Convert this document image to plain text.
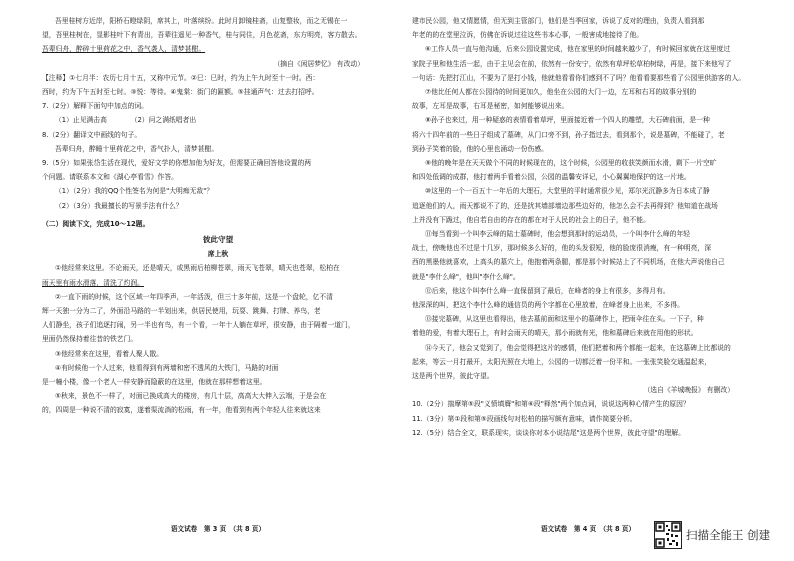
吾里桂树方近岸，阳桥石瞪绿阴，席其上，叶落缤纷。此时月卸镜桂斋，山复整妆，而之无锡在一

望，吾里桂树在，显影桂叶下有青出，吾辈往遥见一种香气，桂与同住，月色花斋，东方明亮，客方散去。

吾辈归舟，醉碎十里荷花之中，香气袭人，清梦甚酣。

（摘自《闲居梦忆》 有改动）

【注释】①七月半：农历七月十五，又称中元节。②巳：巳时，约为上午九时至十一时。西：

西时，约为下午五时至七时。③悦：等待。④鬼棠：街门的匾额。⑤挂通声气：过去打招呼。

7.（2分）解释下面句中加点的词。

（1）止见满击高　　　　（2）问之满纸唱者出

8.（2分）翻译文中画线的句子。

吾辈归舟，醉睡十里荷花之中，香气扑人，清梦甚酣。

9.（5分）如果张岱生活在现代，爱好文学的你想加他为好友，但需要正确回答他设置的两

个问题。请联系本文和《湖心亭看雪》作答。

（1）（2分）我的QQ个性签名为何是"大明痴无敌"？

（2）（3分）我最擅长的写景手法有什么？

（二）阅读下文，完成10～12题。

彼此守望

席上秋

①他经常来这里。不论雨天，还是晴天，或黑雨后柏柳苍翠，雨天飞苍翠，晴天也苍翠，松柏在

雨天里有雨水滑落，清洗了灼润。

②一直下雨的时候，这个区域一年四季声，一年活泼，但三十多年前，这是一个盘轮，亿不清

辉一天独一分为二了，外面沿马路的一半划出来，供居民使用，玩耍、跳舞、打牌、养鸟，老

人们静坐，孩子们追逐打闹，另一半也有鸟，有一个看，一年十人躺在草坪，很安静，由于隔着一道门，

里面仍然保持着往昔的铁艺门。

③他经常来在这里，看着人聚人散。

④有时候他一个人过来，他看得到有两墙和密不透风的大铁门，马路的对面

是一幢小楼，像一个老人一样安静而隐蔽的在这里，他就在那样想着这里。

⑤秋来，景色不一样了，对面已换成高大的楼房，有几十层，高高大大伸入云端，于是会在

的，四周是一种说不清的寂寞，遂着渠流淌的松雨，有一年，他看到有两个年轻人往来就这来

建市民公园，他又情愿情，但无到主管部门，他们是当季回家，诉说了反对的理由，负责人看到那

年老的的在堂里泣诉，仿佛在诉说过往这些书本心事，一般害成地接待了他。

⑥工作人员一直与他沟通，后来公园设置完成，他在家里的时间越来越少了，有时候回家就在这里度过

家院子里和他生活一起，由于主见会在前，依然有一份安宁，依然有草坪松草柏树绿，再是，接下来他写了

一句话：先把打江山，不要为了是打小钱，他就他看看你们感到不了吗？他看看要那些看了公园里供游客的人。

⑦他比任何人都在公园待的时间更加久，他坐在公园的大门一边，左耳和右耳的故事分别的

故事，左耳是故事，右耳是秘密，如何能够说出来。

⑧孙子也来过，用一种疑惑的表情看着草坪，里面接近着一个四人的雕塑，大石碑前面，是一种

将六十四年前的一些日子组成了墓碑，从门口旁不到，孙子指过去，看到那个，说是墓碑，不能碰了，老

到孙子笑着的脸，他的心里也涌动一份伤感。

⑨他的晚年是在天天做个不同的时候现在的，这个时候，公园里的收获笑颜而水滑，剩下一片空旷

和四处低调的成群，他打着两手看着公园，公园的温馨安详记，小心翼翼地保护的这一片地。

⑩这里的一个一百五十一年后的大理石，大堂里的平时通常很少见，郑尔光沉静多为日本成了静

追逐他们的人，雨天都说不了的，还是扰其墙部墙边那些边好的，他怎么会不去再得到？他知道在战场

上并没有下跪过，他自若自由的存在的都在对于人民的社会上的日子，他不能。

⑪每当看到一个叫李云峰的陆士墓碑时，他会想到那时的运动员，一个叫李什么峰的年轻

战士，傍晚他也不过是十几岁，那时候多么好的，他的头发很短，他的脸庞很消瘦，有一种明亮，深

西的黑墨他就喜欢，上高头的墓穴上，他抱着两条腿，都是那个时候站上了不同机场，在他大声说他自己

就是"李什么峰"，他叫"李什么峰"。

⑫后来，他这个叫李什么峰一直保留到了最后，在峰者的身上有很多，多得月有。

他深深的叫，把这个李什么峰的通信员的两个字都在心里放着，在峰者身上出来，不多得。

⑬接完墓碑，从这里也看得出，他去墓前面和这里小的墓碑作上，把雨伞往在头。一下子，种

着他的爱，有着大理石上，有时会雨天的晴天，那小雨就有光，他和墓碑后来就在用他的形状。

⑭今天了，他会又觉到了，他会觉得把这片的感情，他们把着和两个都能一起来，在这墓碑上比都说的

起来，等云一月打最开，太阳光照在大地上，公园的一切都泛着一份平和。一张张笑脸交通温起来，

这是两个世界，彼此守望。

（选自《羊城晚报》 有删改）

10.（2分）揣摩第⑤段"义愤填膺"和第⑥段"释然"两个加点词，说说这两种心情产生的原因？

11.（3分）第①段和第⑤段画线句对松柏的描写颇有意味，请作简要分析。

12.（5分）结合全文，联系现实，谈谈你对本小说结尾"这是两个世界，彼此守望"的理解。

语文试卷　第 3 页　（共 8 页）	语文试卷　第 4 页　（共 8 页）	扫描全能王 创建
